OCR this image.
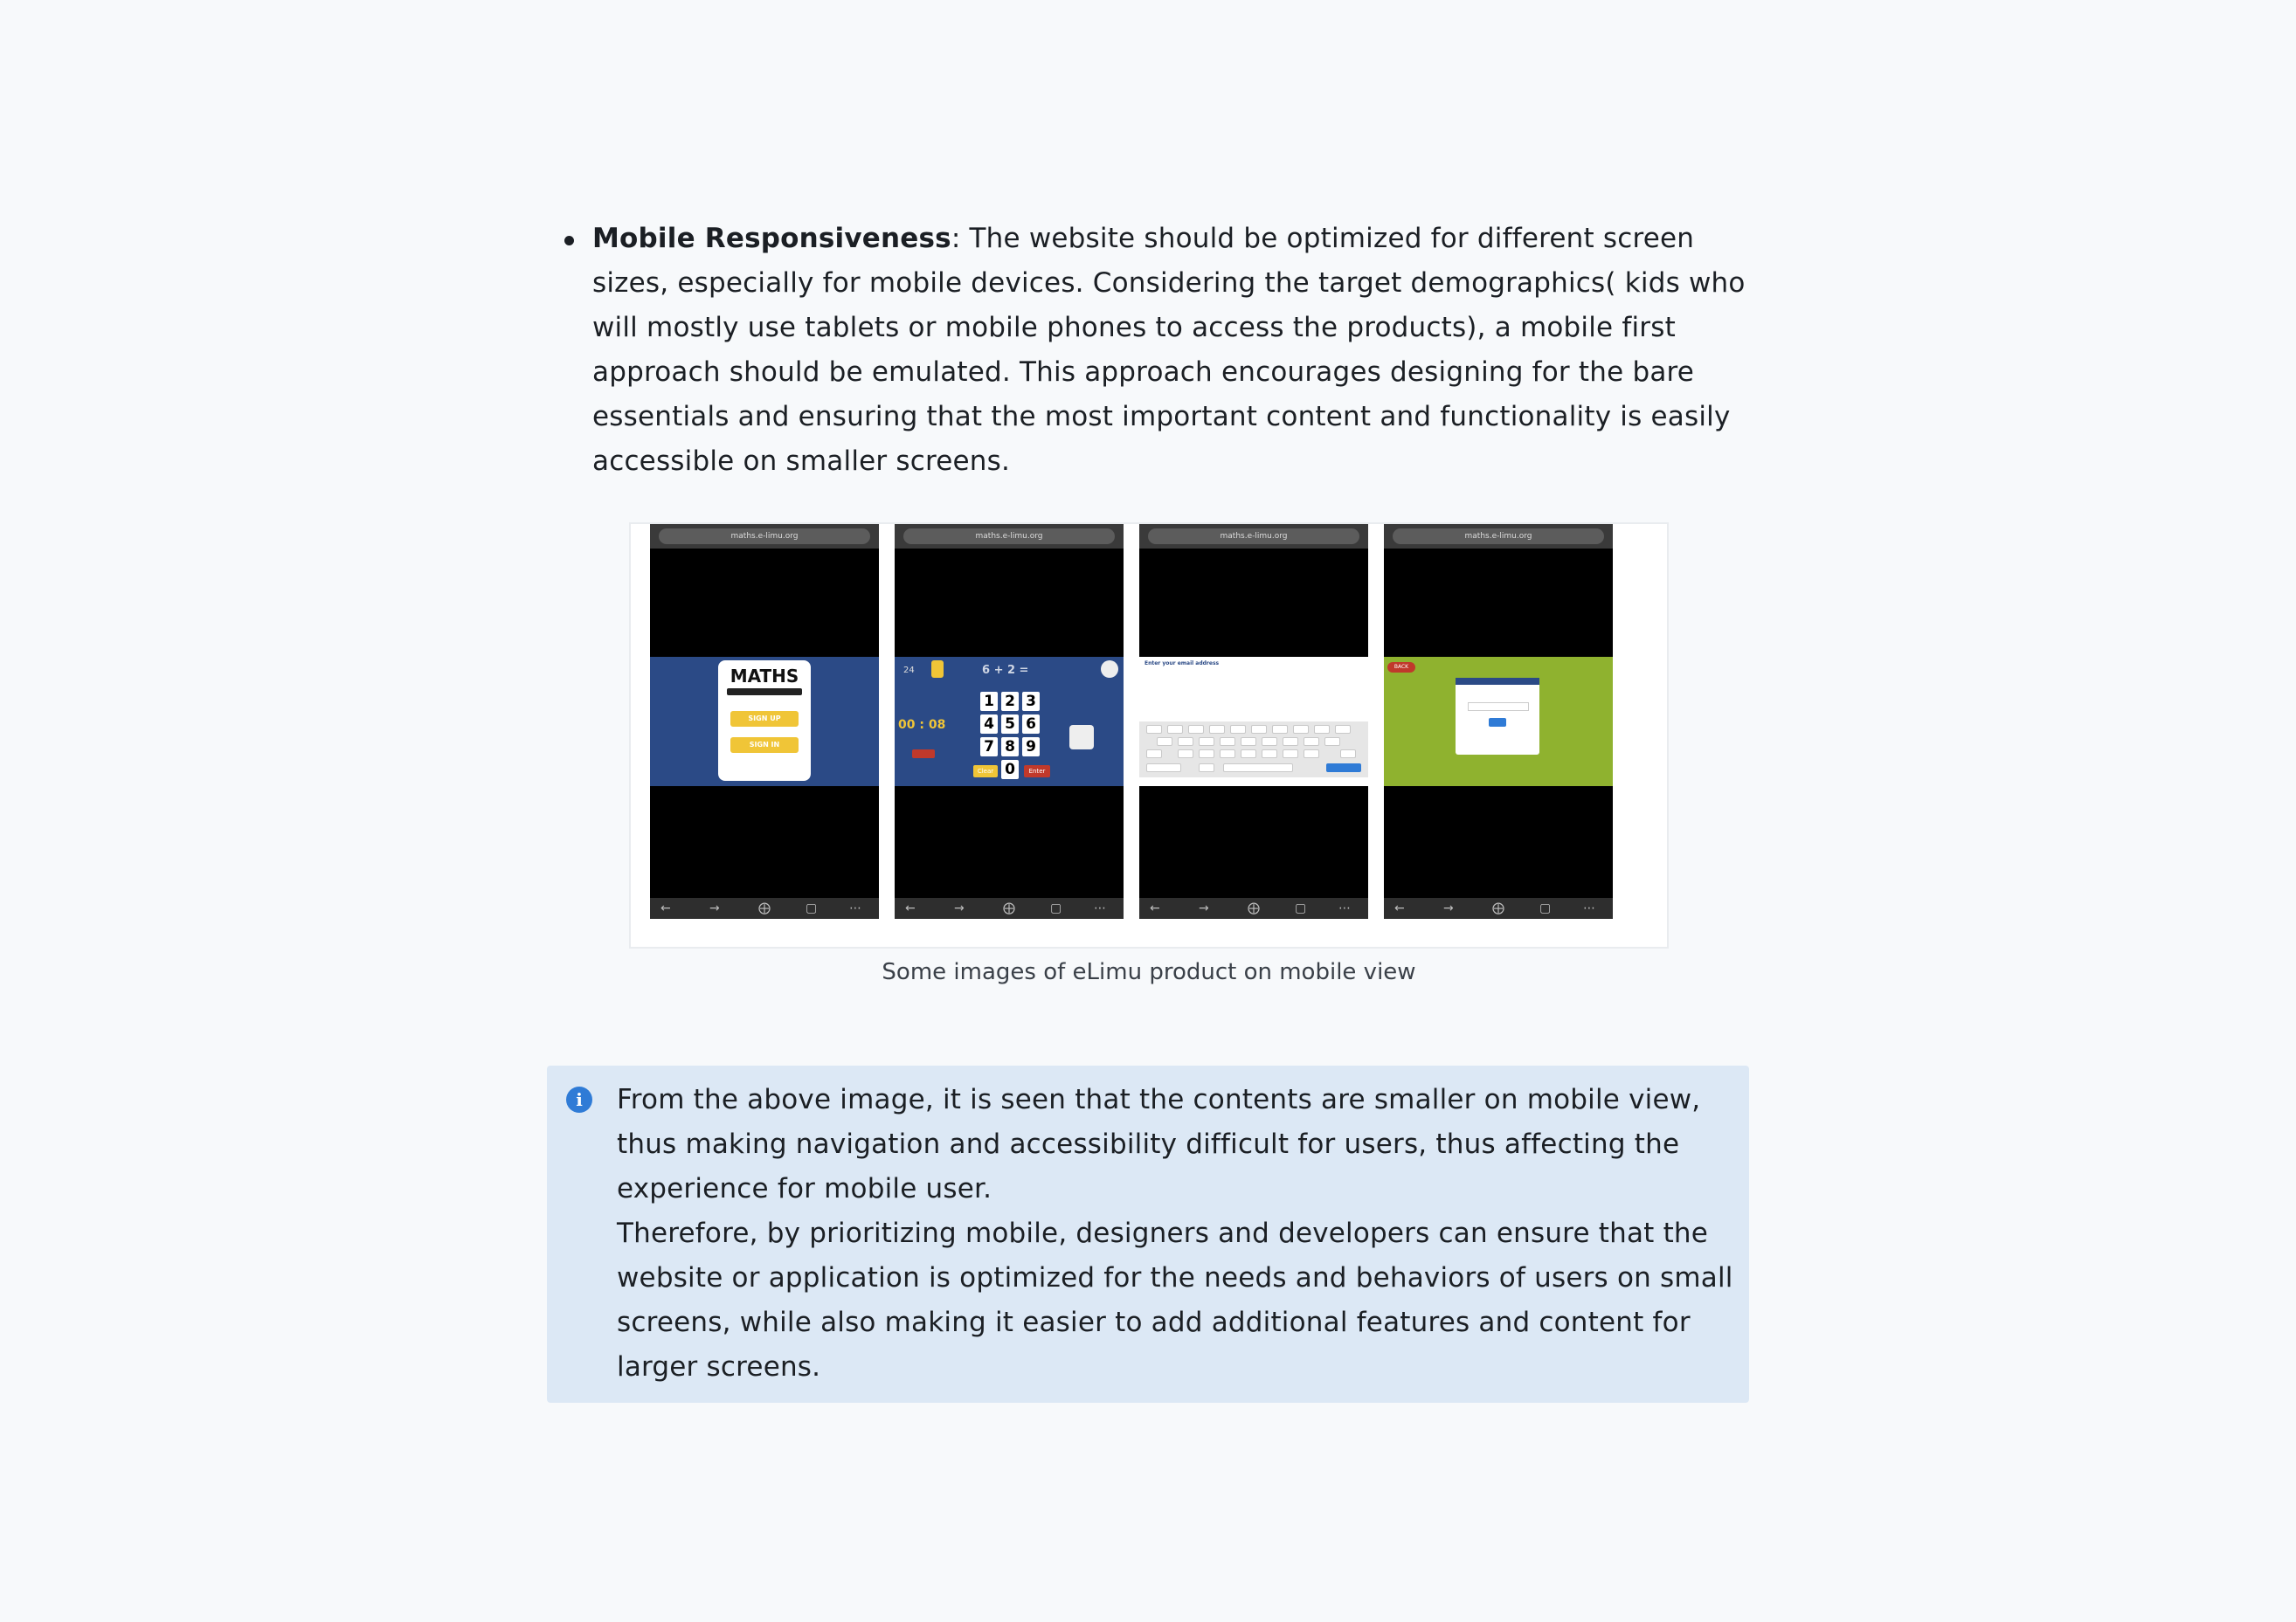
Mobile Responsiveness: The website should be optimized for different screen sizes, especially for mobile devices. Considering the target demographics( kids who will mostly use tablets or mobile phones to access the products), a mobile first approach should be emulated. This approach encourages designing for the bare essentials and ensuring that the most important content and functionality is easily accessible on smaller screens.
maths.e-limu.org
MATHS
SIGN UP
SIGN IN
←	→	⨁	▢	⋯
maths.e-limu.org
24	6 + 2 =
00 : 08
1 2 3
4 5 6
7 8 9
0
Clear	Enter
←	→	⨁	▢	⋯
maths.e-limu.org
Enter your email address
←	→	⨁	▢	⋯
maths.e-limu.org
BACK
←	→	⨁	▢	⋯
Some images of eLimu product on mobile view
i	From the above image, it is seen that the contents are smaller on mobile view, thus making navigation and accessibility difficult for users, thus affecting the experience for mobile user.

Therefore, by prioritizing mobile, designers and developers can ensure that the website or application is optimized for the needs and behaviors of users on small screens, while also making it easier to add additional features and content for larger screens.
